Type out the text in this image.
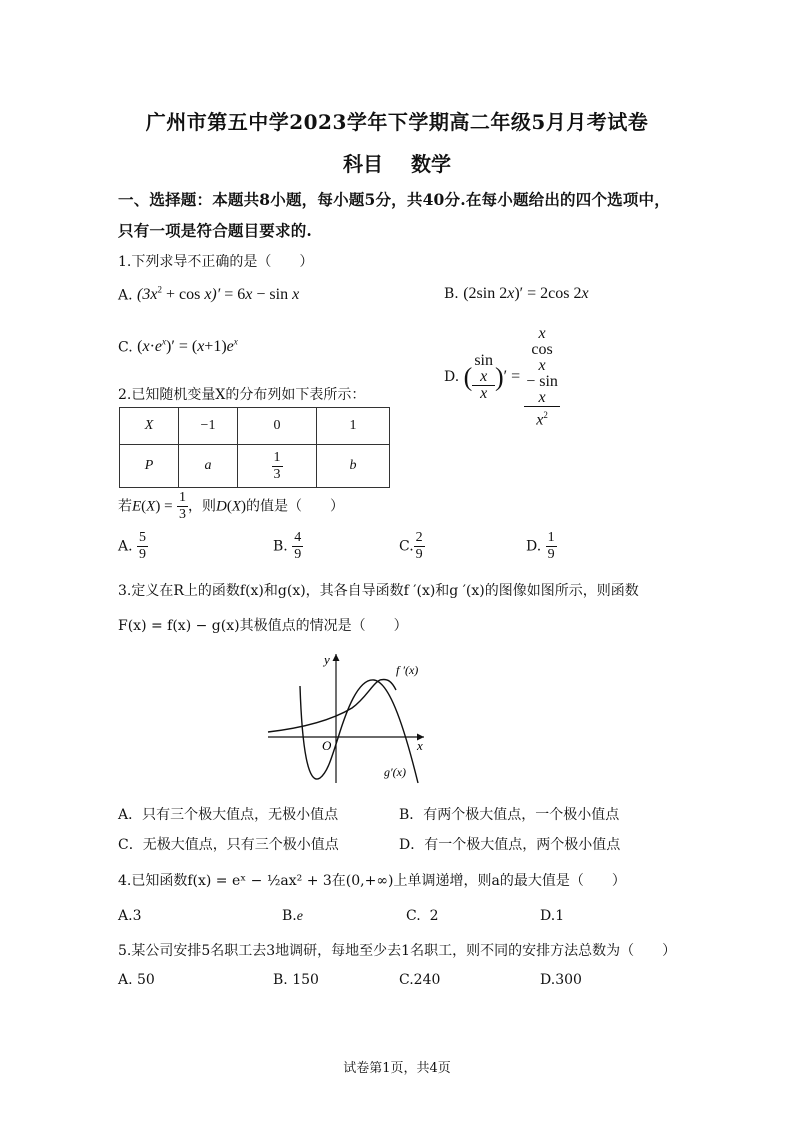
广州市第五中学2023学年下学期高二年级5月月考试卷
科目 数学
一、选择题：本题共8小题，每小题5分，共40分.在每小题给出的四个选项中，
只有一项是符合题目要求的.
1.下列求导不正确的是（　　）
A. $(3x^2 + \cos x)' = 6x - \sin x$	B. (2sin 2x)′ = 2cos 2x
C. $(x\cdot e^x)' = (x+1)e^x$
D. ( sin
x
x )′ = x
cos
x
− sin
x
$x^2$
2.已知随机变量X的分布列如下表所示：
X	−1	0	1
P	a	$\frac{1}{3}$	b
若$E(X) = \frac{1}{3}$ ，则D(X)的值是（　　）
A. $\frac{5}{9}$	B. $\frac{4}{9}$	C. $\frac{2}{9}$	D. $\frac{1}{9}$
3.定义在R上的函数f(x)和g(x)，其各自导函数f ′(x)和g ′(x)的图像如图所示，则函数
F(x) = f(x) − g(x)其极值点的情况是（　　）
y
x
O
f ′(x)
g′(x)
A．只有三个极大值点，无极小值点	B．有两个极大值点，一个极小值点
C．无极大值点，只有三个极小值点	D．有一个极大值点，两个极小值点
4.已知函数f(x) = eˣ − ½ax² + 3在(0,+∞)上单调递增，则a的最大值是（　　）
A.3	B.e	C. 2	D.1
5.某公司安排5名职工去3地调研，每地至少去1名职工，则不同的安排方法总数为（　　）
A. 50	B. 150	C.240	D.300
试卷第1页，共4页
